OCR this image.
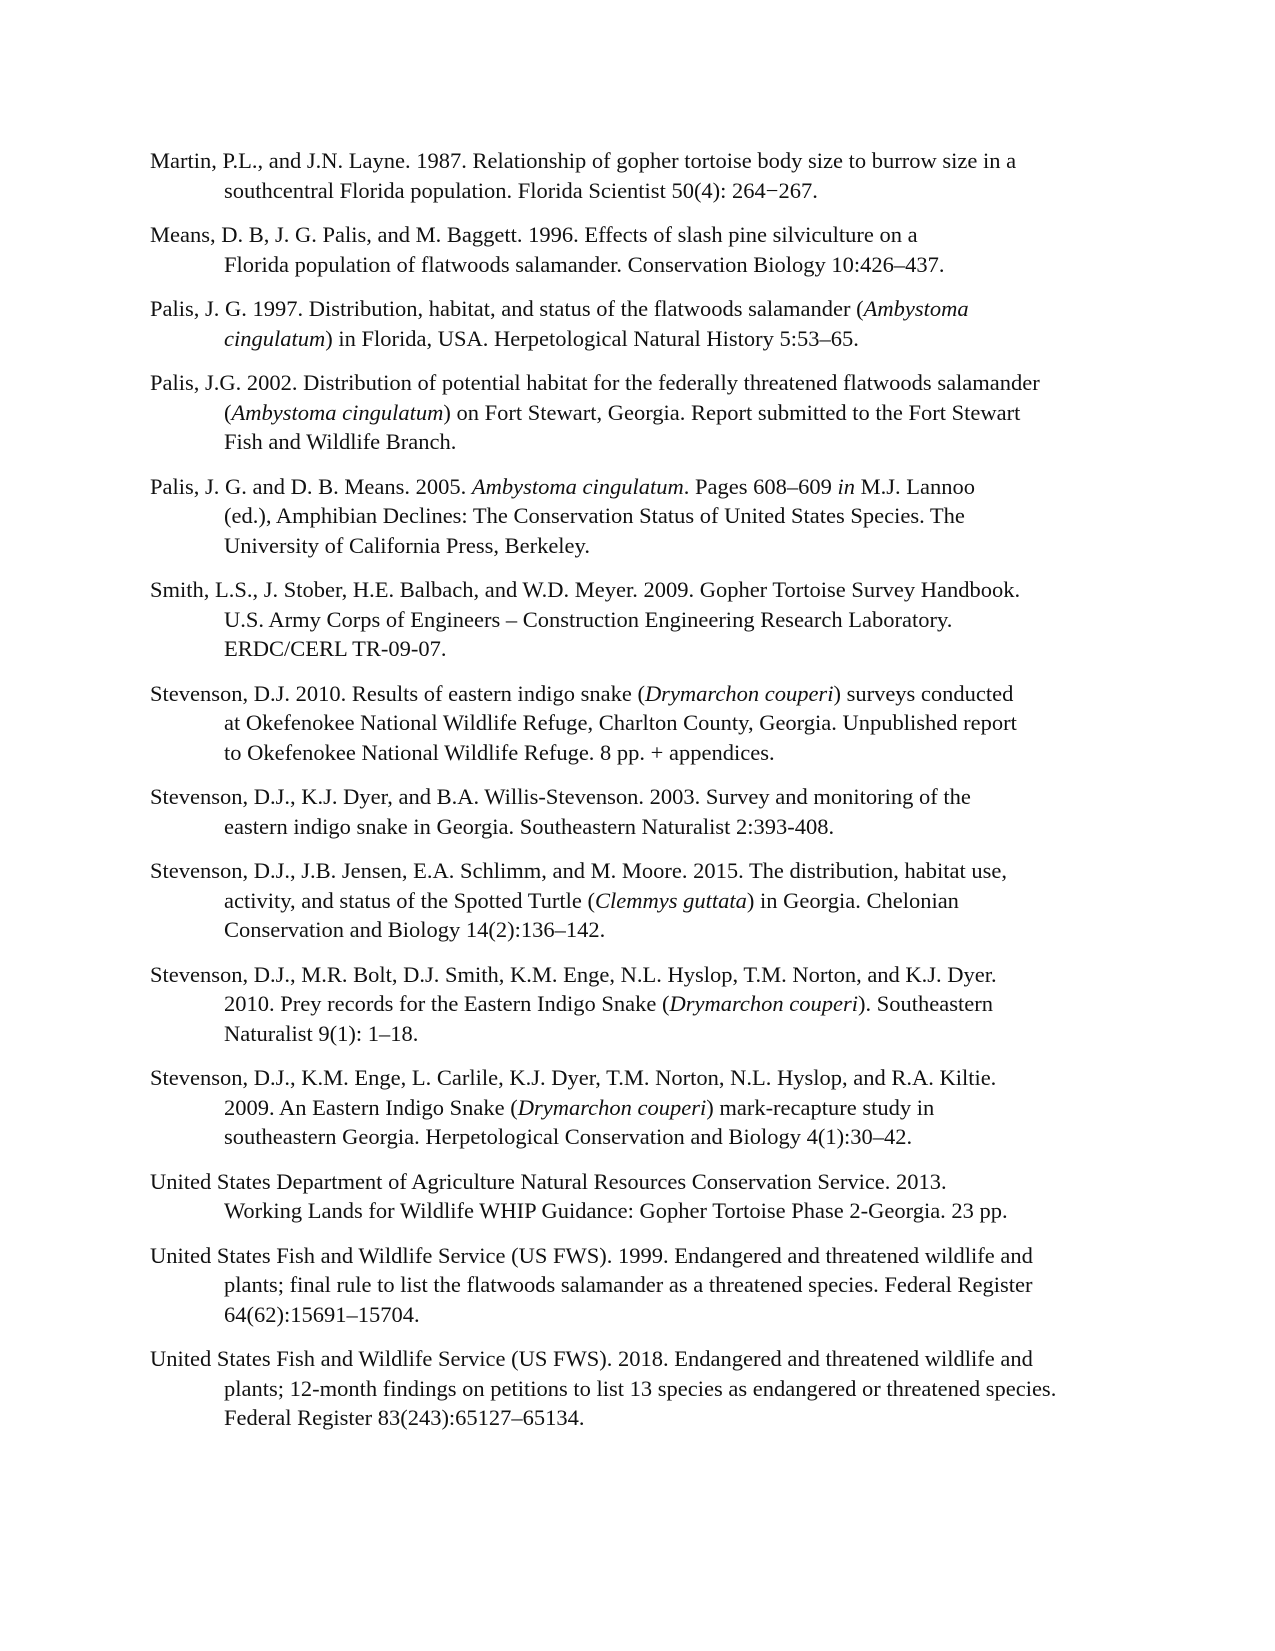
Martin, P.L., and J.N. Layne. 1987. Relationship of gopher tortoise body size to burrow size in a
southcentral Florida population. Florida Scientist 50(4): 264−267.

Means, D. B, J. G. Palis, and M. Baggett. 1996. Effects of slash pine silviculture on a
Florida population of flatwoods salamander. Conservation Biology 10:426–437.

Palis, J. G. 1997. Distribution, habitat, and status of the flatwoods salamander (Ambystoma
cingulatum) in Florida, USA. Herpetological Natural History 5:53–65.

Palis, J.G. 2002. Distribution of potential habitat for the federally threatened flatwoods salamander
(Ambystoma cingulatum) on Fort Stewart, Georgia. Report submitted to the Fort Stewart
Fish and Wildlife Branch.

Palis, J. G. and D. B. Means. 2005. Ambystoma cingulatum. Pages 608–609 in M.J. Lannoo
(ed.), Amphibian Declines: The Conservation Status of United States Species. The
University of California Press, Berkeley.

Smith, L.S., J. Stober, H.E. Balbach, and W.D. Meyer. 2009. Gopher Tortoise Survey Handbook.
U.S. Army Corps of Engineers – Construction Engineering Research Laboratory.
ERDC/CERL TR-09-07.

Stevenson, D.J. 2010. Results of eastern indigo snake (Drymarchon couperi) surveys conducted
at Okefenokee National Wildlife Refuge, Charlton County, Georgia. Unpublished report
to Okefenokee National Wildlife Refuge. 8 pp. + appendices.

Stevenson, D.J., K.J. Dyer, and B.A. Willis-Stevenson. 2003. Survey and monitoring of the
eastern indigo snake in Georgia. Southeastern Naturalist 2:393-408.

Stevenson, D.J., J.B. Jensen, E.A. Schlimm, and M. Moore. 2015. The distribution, habitat use,
activity, and status of the Spotted Turtle (Clemmys guttata) in Georgia. Chelonian
Conservation and Biology 14(2):136–142.

Stevenson, D.J., M.R. Bolt, D.J. Smith, K.M. Enge, N.L. Hyslop, T.M. Norton, and K.J. Dyer.
2010. Prey records for the Eastern Indigo Snake (Drymarchon couperi). Southeastern
Naturalist 9(1): 1–18.

Stevenson, D.J., K.M. Enge, L. Carlile, K.J. Dyer, T.M. Norton, N.L. Hyslop, and R.A. Kiltie.
2009. An Eastern Indigo Snake (Drymarchon couperi) mark-recapture study in
southeastern Georgia. Herpetological Conservation and Biology 4(1):30–42.

United States Department of Agriculture Natural Resources Conservation Service. 2013.
Working Lands for Wildlife WHIP Guidance: Gopher Tortoise Phase 2-Georgia. 23 pp.

United States Fish and Wildlife Service (US FWS). 1999. Endangered and threatened wildlife and
plants; final rule to list the flatwoods salamander as a threatened species. Federal Register
64(62):15691–15704.

United States Fish and Wildlife Service (US FWS). 2018. Endangered and threatened wildlife and
plants; 12-month findings on petitions to list 13 species as endangered or threatened species.
Federal Register 83(243):65127–65134.
